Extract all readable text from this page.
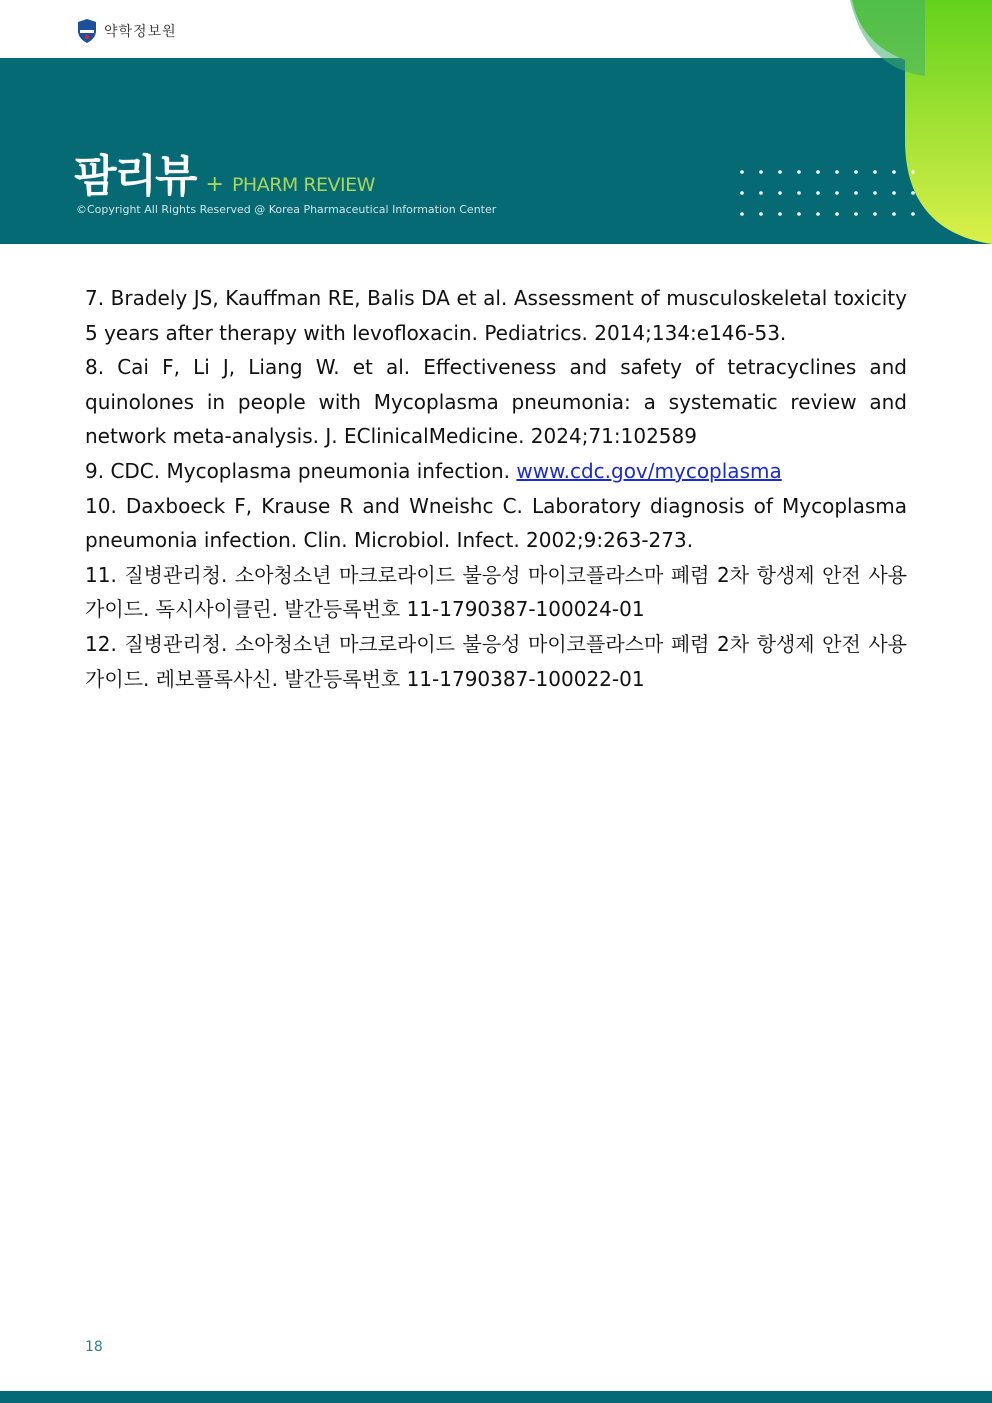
약학정보원
팜리뷰 + PHARM REVIEW
©Copyright All Rights Reserved @ Korea Pharmaceutical Information Center

7. Bradely JS, Kauffman RE, Balis DA et al. Assessment of musculoskeletal toxicity 5 years after therapy with levofloxacin. Pediatrics. 2014;134:e146-53.

8. Cai F, Li J, Liang W. et al. Effectiveness and safety of tetracyclines and quinolones in people with Mycoplasma pneumonia: a systematic review and network meta-analysis. J. EClinicalMedicine. 2024;71:102589

9. CDC. Mycoplasma pneumonia infection. www.cdc.gov/mycoplasma

10. Daxboeck F, Krause R and Wneishc C. Laboratory diagnosis of Mycoplasma pneumonia infection. Clin. Microbiol. Infect. 2002;9:263-273.

11. 질병관리청. 소아청소년 마크로라이드 불응성 마이코플라스마 폐렴 2차 항생제 안전 사용 가이드. 독시사이클린. 발간등록번호 11-1790387-100024-01

12. 질병관리청. 소아청소년 마크로라이드 불응성 마이코플라스마 폐렴 2차 항생제 안전 사용 가이드. 레보플록사신. 발간등록번호 11-1790387-100022-01

18
